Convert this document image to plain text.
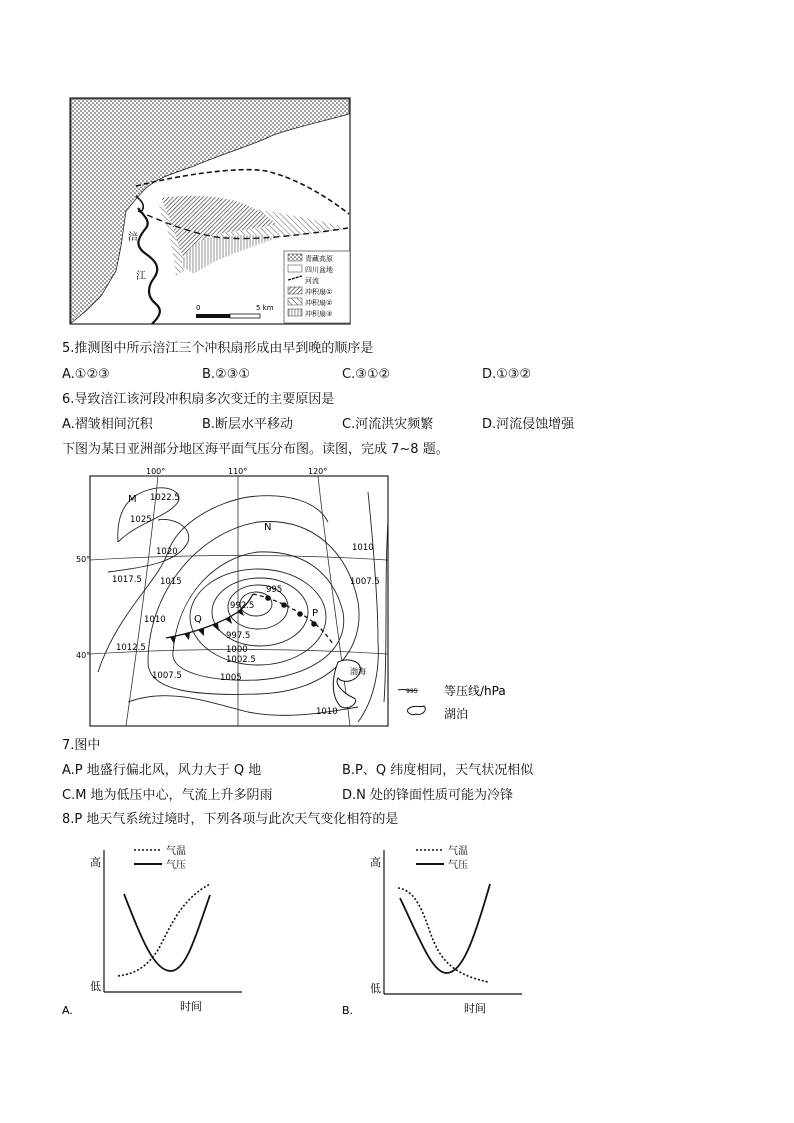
涪
江
0	5 km
青藏高原
四川盆地
河流
冲积扇①
冲积扇②
冲积扇③
5.推测图中所示涪江三个冲积扇形成由早到晚的顺序是
A.①②③	B.②③①	C.③①②	D.①③②
6.导致涪江该河段冲积扇多次变迁的主要原因是
A.褶皱相间沉积	B.断层水平移动	C.河流洪灾频繁	D.河流侵蚀增强
下图为某日亚洲部分地区海平面气压分布图。读图，完成 7~8 题。
100°	110°	120°
50°
40°
1022.5
1025
1020
1017.5 1015
1010
1012.5
1007.5	1005
1002.5
1000
997.5
995
992.5
1010
1007.5
1010
M
N
P
Q
渤海
995 等压线/hPa
湖泊
7.图中
A.P 地盛行偏北风，风力大于 Q 地	B.P、Q 纬度相同，天气状况相似
C.M 地为低压中心，气流上升多阴雨	D.N 处的锋面性质可能为冷锋
8.P 地天气系统过境时，下列各项与此次天气变化相符的是
高
低
时间
气温
气压
A.
高
低
时间
气温
气压
B.
